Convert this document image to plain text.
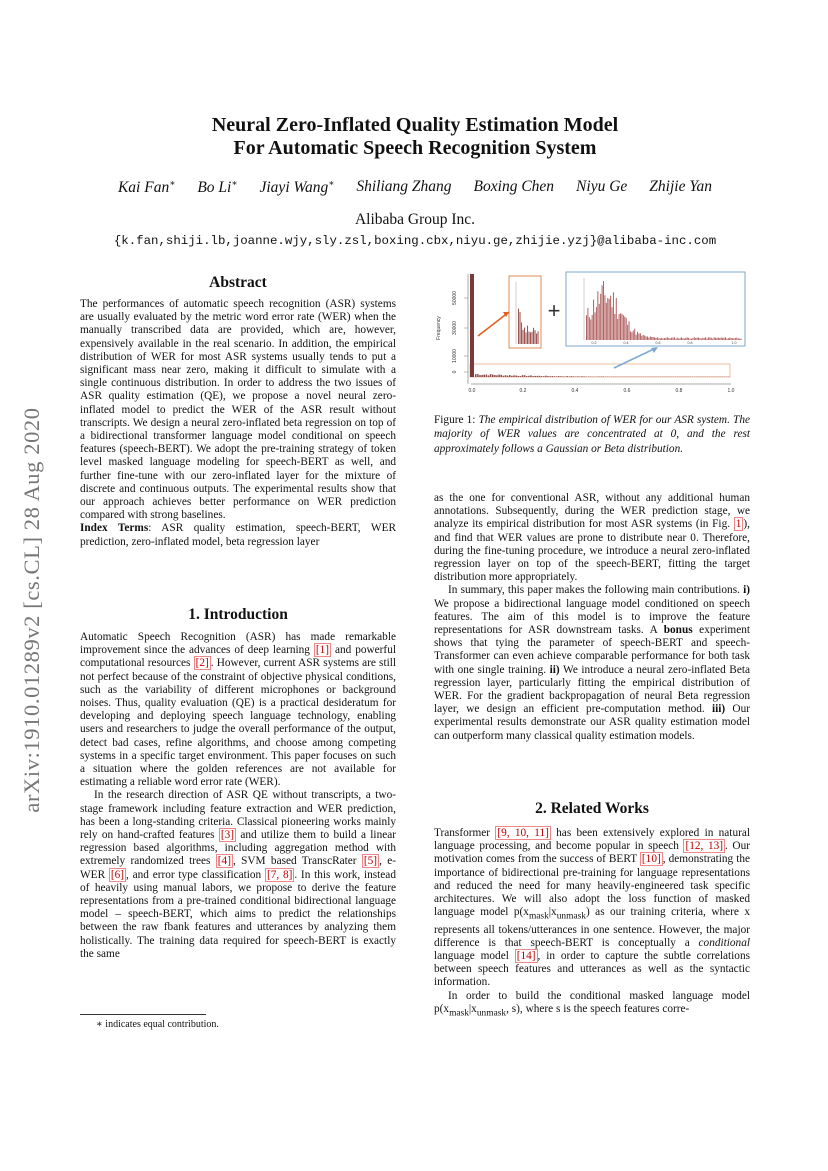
arXiv:1910.01289v2 [cs.CL] 28 Aug 2020
Neural Zero-Inflated Quality Estimation Model
For Automatic Speech Recognition System
Kai Fan∗ Bo Li∗ Jiayi Wang∗ Shiliang Zhang Boxing Chen Niyu Ge Zhijie Yan
Alibaba Group Inc.
{k.fan,shiji.lb,joanne.wjy,sly.zsl,boxing.cbx,niyu.ge,zhijie.yzj}@alibaba-inc.com
Abstract

The performances of automatic speech recognition (ASR) systems are usually evaluated by the metric word error rate (WER) when the manually transcribed data are provided, which are, however, expensively available in the real scenario. In addition, the empirical distribution of WER for most ASR systems usually tends to put a significant mass near zero, making it difficult to simulate with a single continuous distribution. In order to address the two issues of ASR quality estimation (QE), we propose a novel neural zero-inflated model to predict the WER of the ASR result without transcripts. We design a neural zero-inflated beta regression on top of a bidirectional transformer language model conditional on speech features (speech-BERT). We adopt the pre-training strategy of token level masked language modeling for speech-BERT as well, and further fine-tune with our zero-inflated layer for the mixture of discrete and continuous outputs. The experimental results show that our approach achieves better performance on WER prediction compared with strong baselines.

Index Terms: ASR quality estimation, speech-BERT, WER prediction, zero-inflated model, beta regression layer

1. Introduction

Automatic Speech Recognition (ASR) has made remarkable improvement since the advances of deep learning [1] and powerful computational resources [2] . However, current ASR systems are still not perfect because of the constraint of objective physical conditions, such as the variability of different microphones or background noises. Thus, quality evaluation (QE) is a practical desideratum for developing and deploying speech language technology, enabling users and researchers to judge the overall performance of the output, detect bad cases, refine algorithms, and choose among competing systems in a specific target environment. This paper focuses on such a situation where the golden references are not available for estimating a reliable word error rate (WER).

In the research direction of ASR QE without transcripts, a two-stage framework including feature extraction and WER prediction, has been a long-standing criteria. Classical pioneering works mainly rely on hand-crafted features [3] and utilize them to build a linear regression based algorithms, including aggregation method with extremely randomized trees [4] , SVM based TranscRater [5] , e-WER [6] , and error type classification [7, 8] . In this work, instead of heavily using manual labors, we propose to derive the feature representations from a pre-trained conditional bidirectional language model – speech-BERT, which aims to predict the relationships between the raw fbank features and utterances by analyzing them holistically. The training data required for speech-BERT is exactly the same

∗ indicates equal contribution.
Frequency
0
10000
30000
50000
0.0	0.2	0.4	0.6	0.8	1.0
+
0.2	0.4	0.6	0.8	1.0
Figure 1: The empirical distribution of WER for our ASR system. The majority of WER values are concentrated at 0, and the rest approximately follows a Gaussian or Beta distribution.

as the one for conventional ASR, without any additional human annotations. Subsequently, during the WER prediction stage, we analyze its empirical distribution for most ASR systems (in Fig. 1 ), and find that WER values are prone to distribute near 0. Therefore, during the fine-tuning procedure, we introduce a neural zero-inflated regression layer on top of the speech-BERT, fitting the target distribution more appropriately.

In summary, this paper makes the following main contributions. i) We propose a bidirectional language model conditioned on speech features. The aim of this model is to improve the feature representations for ASR downstream tasks. A bonus experiment shows that tying the parameter of speech-BERT and speech-Transformer can even achieve comparable performance for both task with one single training. ii) We introduce a neural zero-inflated Beta regression layer, particularly fitting the empirical distribution of WER. For the gradient backpropagation of neural Beta regression layer, we design an efficient pre-computation method. iii) Our experimental results demonstrate our ASR quality estimation model can outperform many classical quality estimation models.

2. Related Works

Transformer [9, 10, 11] has been extensively explored in natural language processing, and become popular in speech [12, 13] . Our motivation comes from the success of BERT [10] , demonstrating the importance of bidirectional pre-training for language representations and reduced the need for many heavily-engineered task specific architectures. We will also adopt the loss function of masked language model $p(x_{mask}|x_{unmask})$ as our training criteria, where x represents all tokens/utterances in one sentence. However, the major difference is that speech-BERT is conceptually a conditional language model [14] , in order to capture the subtle correlations between speech features and utterances as well as the syntactic information.

In order to build the conditional masked language model $p(x_{mask}|x_{unmask}$, s), where s is the speech features corre-
